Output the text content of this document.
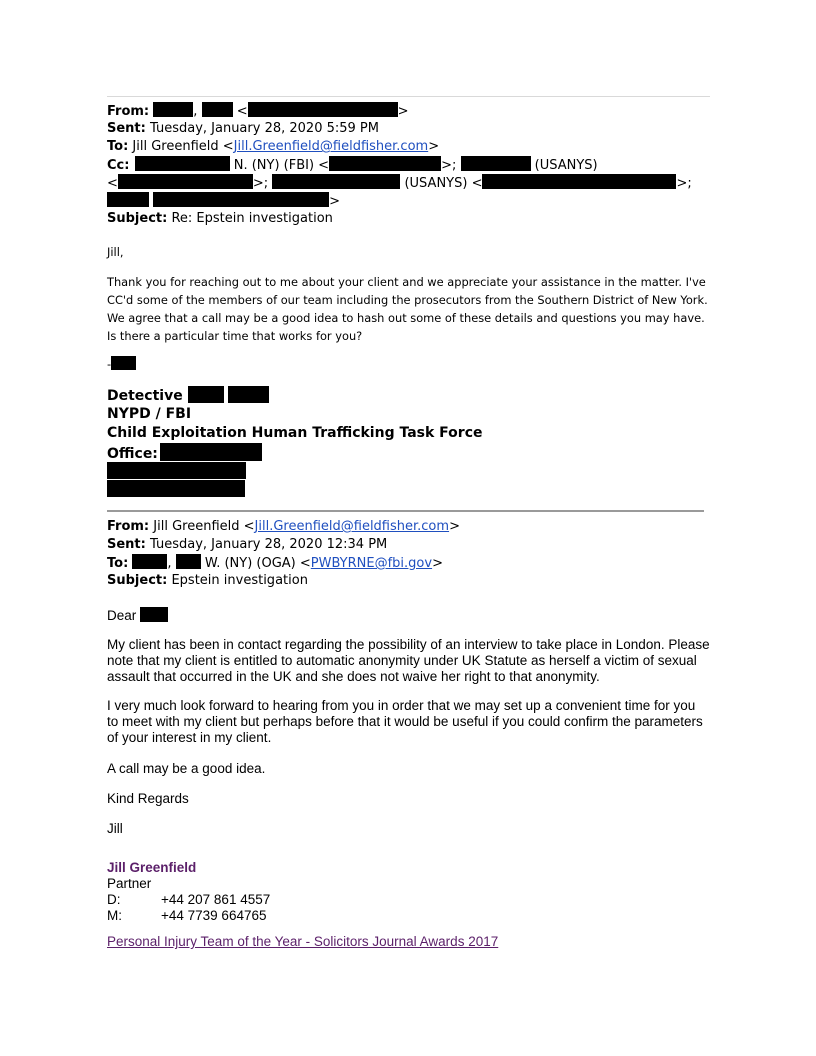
From:	,	<	>
Sent: Tuesday, January 28, 2020 5:59 PM
To: Jill Greenfield <Jill.Greenfield@fieldfisher.com>
Cc:	N. (NY) (FBI) <	>;	(USANYS)
<	>;	(USANYS) <	>;
>
Subject: Re: Epstein investigation
Jill,
Thank you for reaching out to me about your client and we appreciate your assistance in the matter. I've CC'd some of the members of our team including the prosecutors from the Southern District of New York. We agree that a call may be a good idea to hash out some of these details and questions you may have. Is there a particular time that works for you?
-
Detective
NYPD / FBI
Child Exploitation Human Trafficking Task Force
Office:
From: Jill Greenfield <Jill.Greenfield@fieldfisher.com>
Sent: Tuesday, January 28, 2020 12:34 PM
To:	,	W. (NY) (OGA) <PWBYRNE@fbi.gov>
Subject: Epstein investigation
Dear
My client has been in contact regarding the possibility of an interview to take place in London. Please note that my client is entitled to automatic anonymity under UK Statute as herself a victim of sexual assault that occurred in the UK and she does not waive her right to that anonymity.
I very much look forward to hearing from you in order that we may set up a convenient time for you to meet with my client but perhaps before that it would be useful if you could confirm the parameters of your interest in my client.
A call may be a good idea.
Kind Regards
Jill
Jill Greenfield
Partner
D:	+44 207 861 4557
M:	+44 7739 664765
Personal Injury Team of the Year - Solicitors Journal Awards 2017
